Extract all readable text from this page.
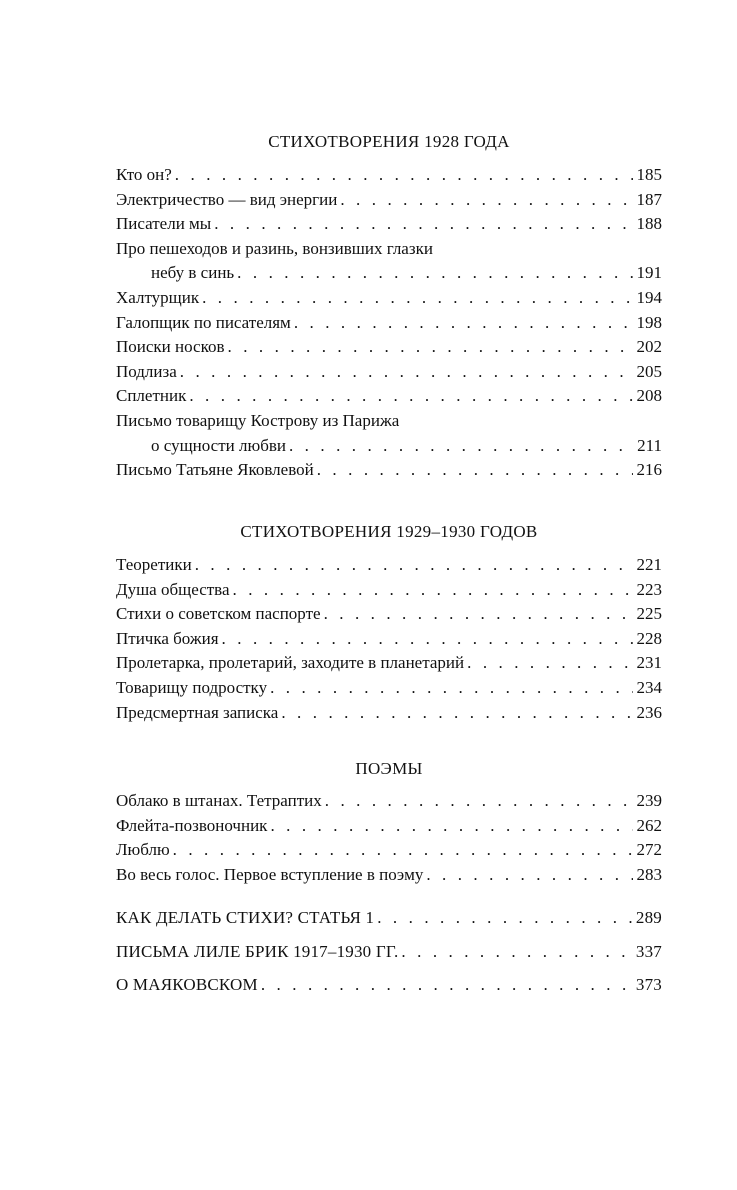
СТИХОТВОРЕНИЯ 1928 ГОДА
Кто он? . . .	185
Электричество — вид энергии . . .	187
Писатели мы . . .	188
Про пешеходов и разинь, вонзивших глазки
небу в синь . . .	191
Халтурщик . . .	194
Галопщик по писателям . . .	198
Поиски носков . . .	202
Подлиза . . .	205
Сплетник . . .	208
Письмо товарищу Кострову из Парижа
о сущности любви . . .	211
Письмо Татьяне Яковлевой . . .	216
СТИХОТВОРЕНИЯ 1929–1930 ГОДОВ
Теоретики . . .	221
Душа общества . . .	223
Стихи о советском паспорте . . .	225
Птичка божия . . .	228
Пролетарка, пролетарий, заходите в планетарий . . .	231
Товарищу подростку . . .	234
Предсмертная записка . . .	236
ПОЭМЫ
Облако в штанах. Тетраптих . . .	239
Флейта-позвоночник . . .	262
Люблю . . .	272
Во весь голос. Первое вступление в поэму . . .	283
КАК ДЕЛАТЬ СТИХИ? СТАТЬЯ 1 . . .	289
ПИСЬМА ЛИЛЕ БРИК 1917–1930 ГГ. . . .	337
О МАЯКОВСКОМ . . .	373
